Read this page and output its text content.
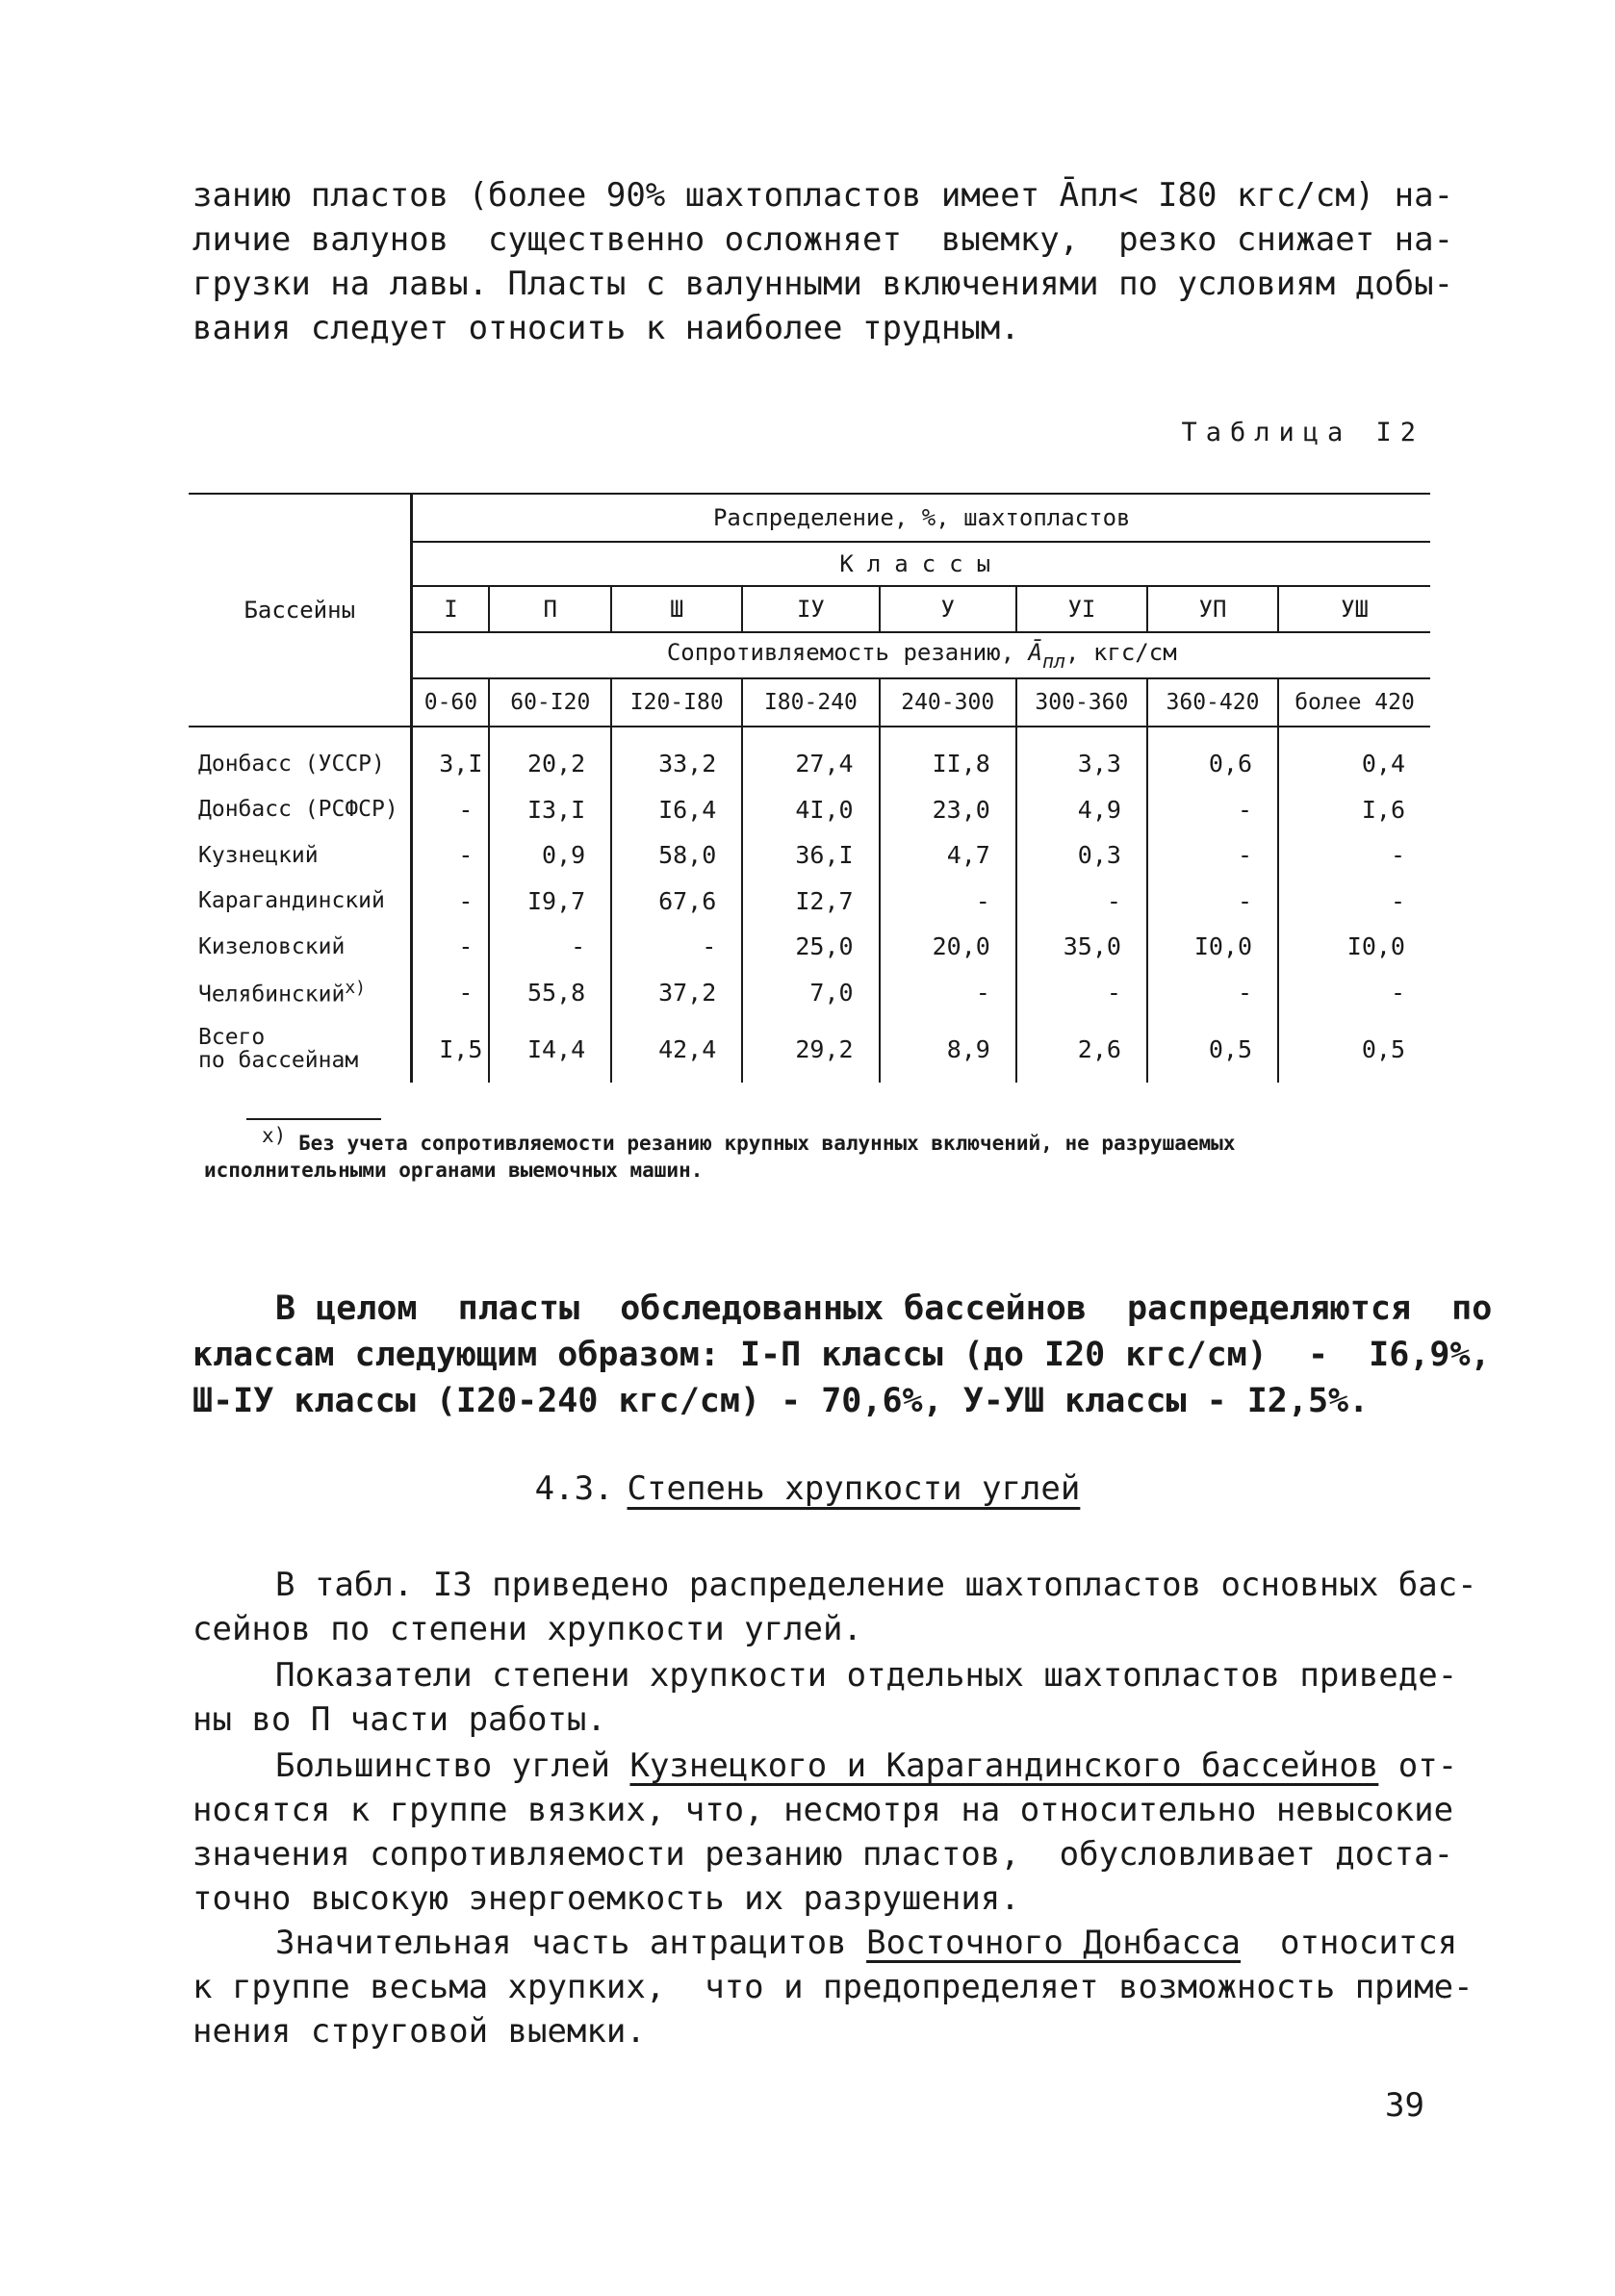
занию пластов (более 90% шахтопластов имеет Āпл< I80 кгс/см) на-
личие валунов  существенно осложняет  выемку,  резко снижает на-
грузки на лавы. Пласты с валунными включениями по условиям добы-
вания следует относить к наиболее трудным.
Таблица I2
Бассейны	Распределение, %, шахтопластов							
	Классы							
	I	П	Ш	IУ	У	УI	УП	УШ
	Сопротивляемость резанию, $Ā_{пл}$, кгс/см							
	0-60	60-I20	I20-I80	I80-240	240-300	300-360	360-420	более 420
Донбасс (УССР)	3,I	20,2	33,2	27,4	II,8	3,3	0,6	0,4
Донбасс (РСФСР)	-	I3,I	I6,4	4I,0	23,0	4,9	-	I,6
Кузнецкий	-	0,9	58,0	36,I	4,7	0,3	-	-
Карагандинский	-	I9,7	67,6	I2,7	-	-	-	-
Кизеловский	-	-	-	25,0	20,0	35,0	I0,0	I0,0
Челябинский$^{x)}$	-	55,8	37,2	7,0	-	-	-	-

Всего
по бассейнам	I,5	I4,4	42,4	29,2	8,9	2,6	0,5	0,5
$^{x)}$ Без учета сопротивляемости резанию крупных валунных включений, не разрушаемых
исполнительными органами выемочных машин.
В целом  пласты  обследованных бассейнов  распределяются  по
классам следующим образом: I-П классы (до I20 кгс/см)  -  I6,9%,
Ш-IУ классы (I20-240 кгс/см) - 70,6%, У-УШ классы - I2,5%.
4.3. Степень хрупкости углей
В табл. I3 приведено распределение шахтопластов основных бас-
сейнов по степени хрупкости углей.
Показатели степени хрупкости отдельных шахтопластов приведе-
ны во П части работы.
Большинство углей Кузнецкого и Карагандинского бассейнов от-
носятся к группе вязких, что, несмотря на относительно невысокие
значения сопротивляемости резанию пластов,  обусловливает доста-
точно высокую энергоемкость их разрушения.
Значительная часть антрацитов Восточного Донбасса  относится
к группе весьма хрупких,  что и предопределяет возможность приме-
нения струговой выемки.
39
